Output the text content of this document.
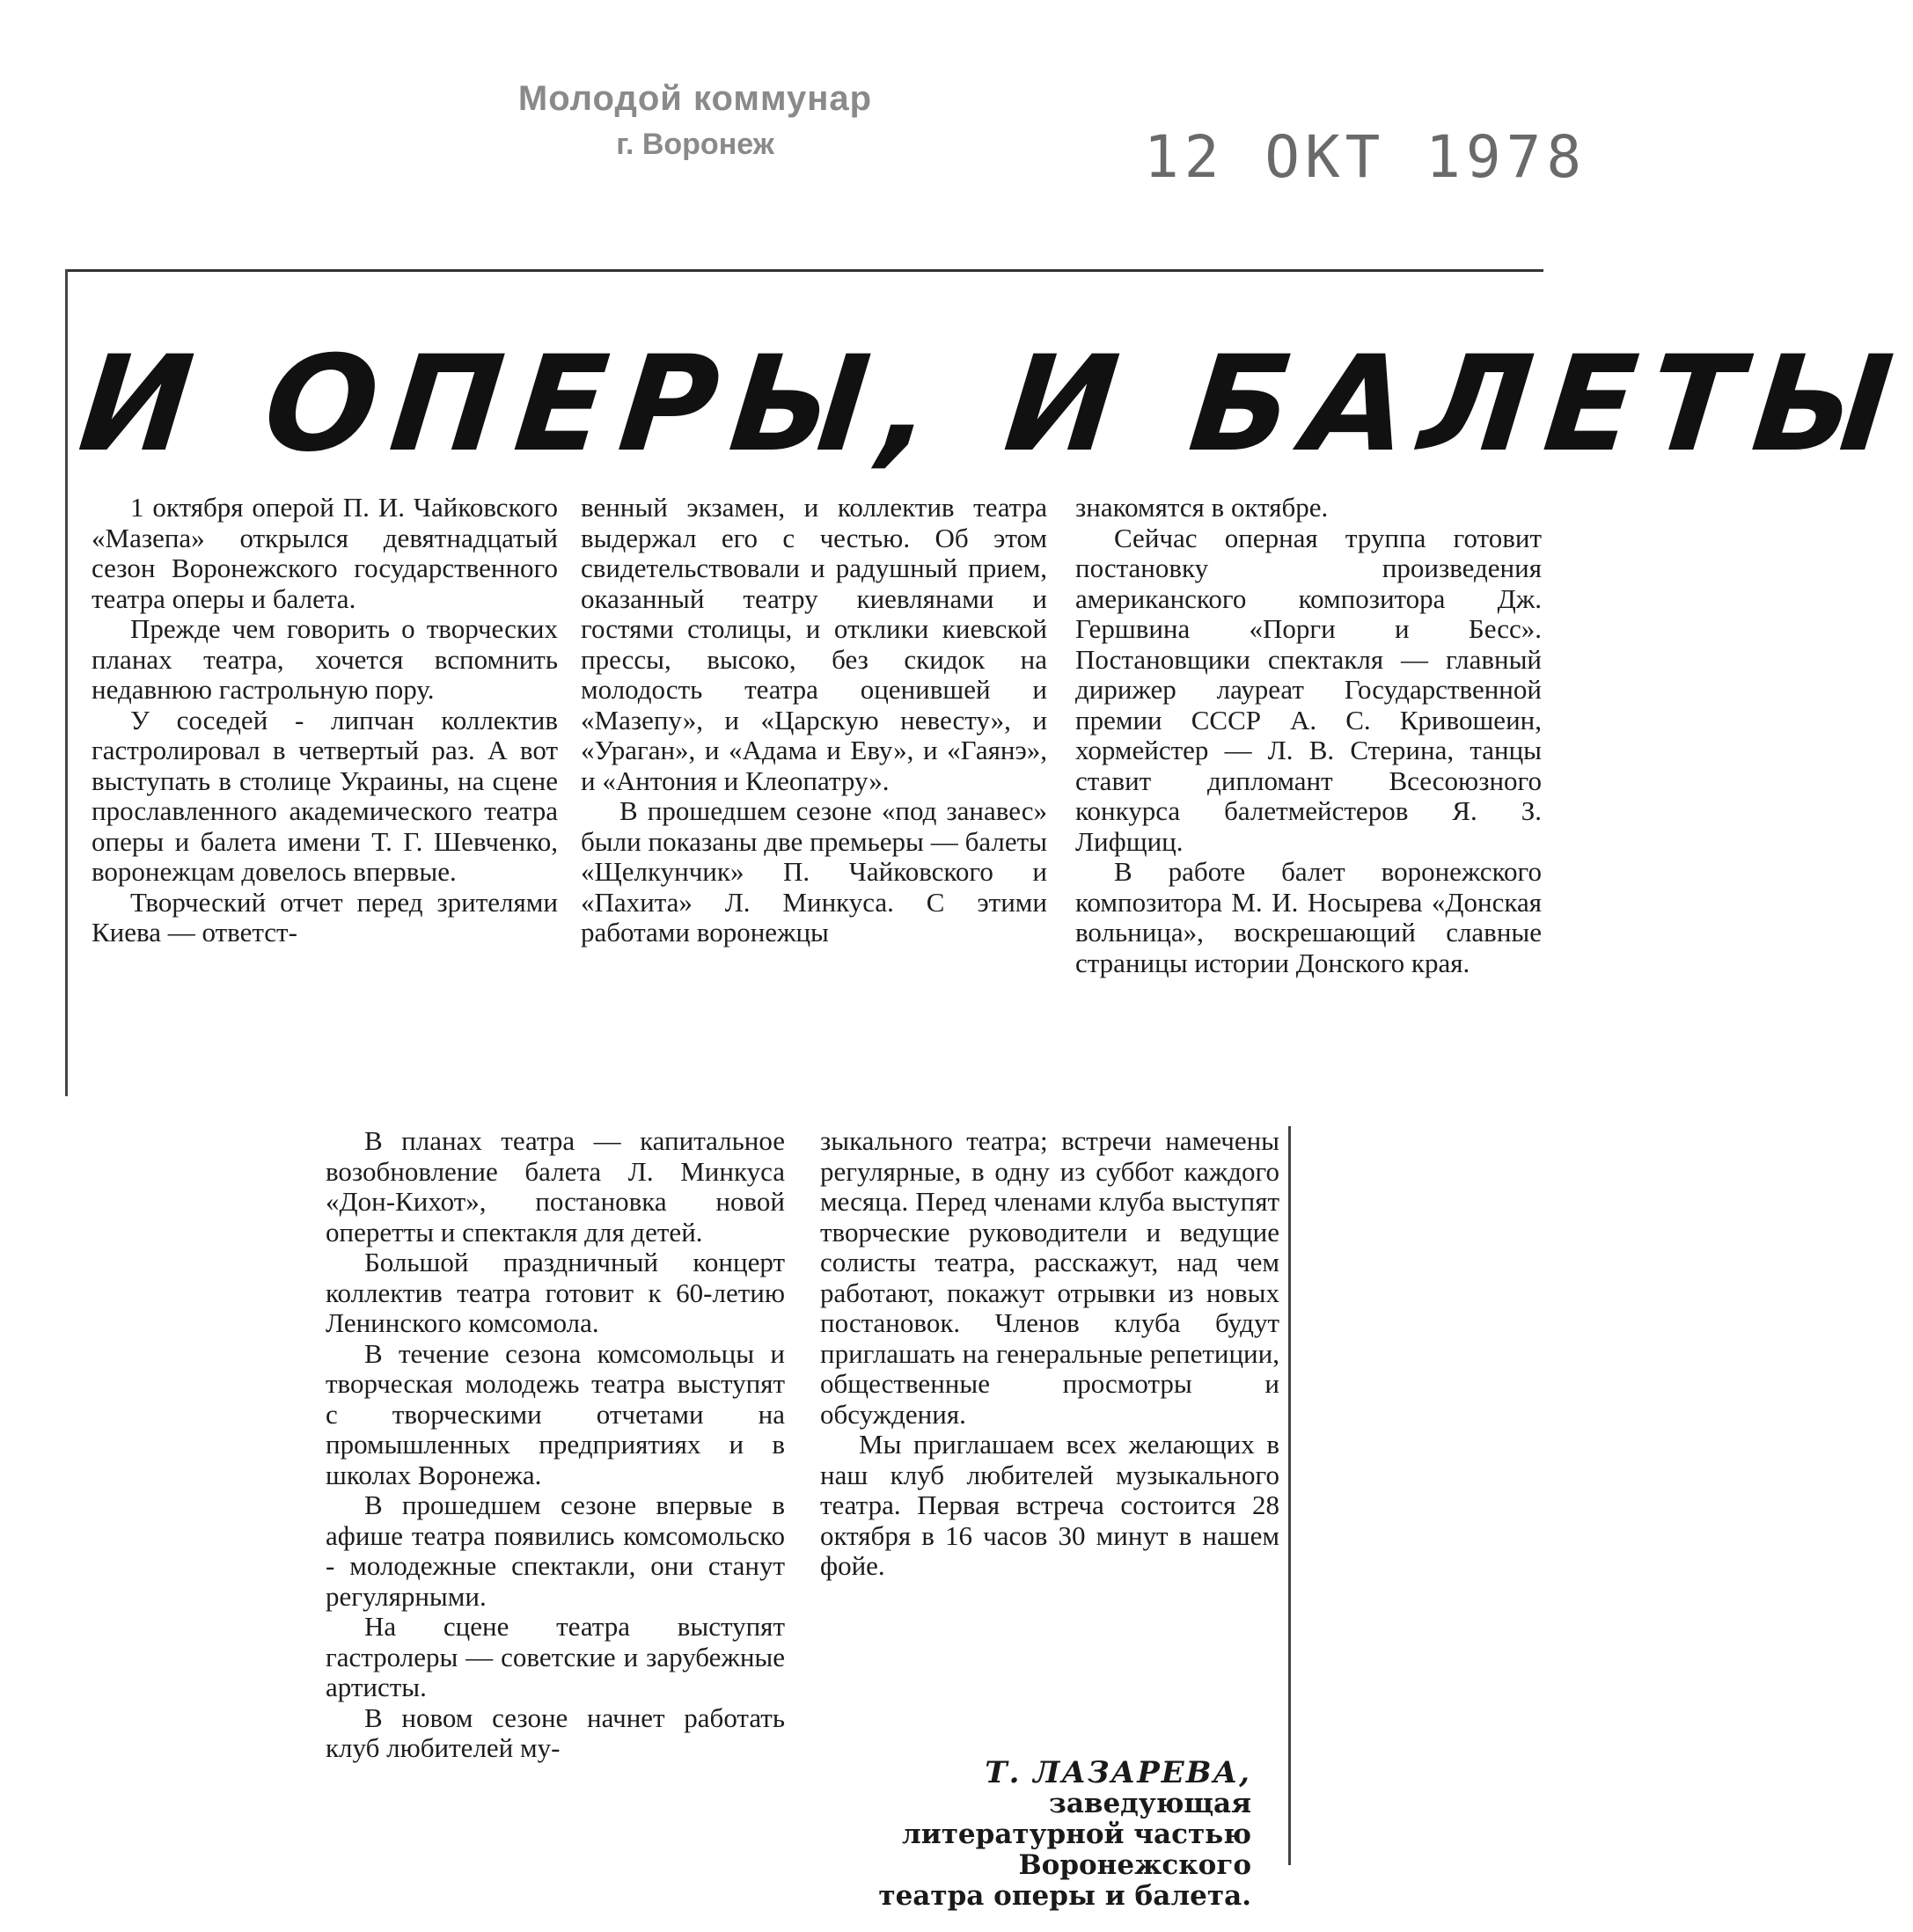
Молодой коммунар
г. Воронеж	12 ОКТ 1978
И ОПЕРЫ, И БАЛЕТЫ

1 октября оперой П. И. Чайковского «Мазепа» открылся девятнадцатый сезон Воронежского государственного театра оперы и балета.

Прежде чем говорить о творческих планах театра, хочется вспомнить недавнюю гастрольную пору.

У соседей - липчан коллектив гастролировал в четвертый раз. А вот выступать в столице Украины, на сцене прославленного академического театра оперы и балета имени Т. Г. Шевченко, воронежцам довелось впервые.

Творческий отчет перед зрителями Киева — ответст-

венный экзамен, и коллектив театра выдержал его с честью. Об этом свидетельствовали и радушный прием, оказанный театру киевлянами и гостями столицы, и отклики киевской прессы, высоко, без скидок на молодость театра оценившей и «Мазепу», и «Царскую невесту», и «Ураган», и «Адама и Еву», и «Гаянэ», и «Антония и Клеопатру».

В прошедшем сезоне «под занавес» были показаны две премьеры — балеты «Щелкунчик» П. Чайковского и «Пахита» Л. Минкуса. С этими работами воронежцы

знакомятся в октябре.

Сейчас оперная труппа готовит постановку произведения американского композитора Дж. Гершвина «Порги и Бесс». Постановщики спектакля — главный дирижер лауреат Государственной премии СССР А. С. Кривошеин, хормейстер — Л. В. Стерина, танцы ставит дипломант Всесоюзного конкурса балетмейстеров Я. З. Лифщиц.

В работе балет воронежского композитора М. И. Носырева «Донская вольница», воскрешающий славные страницы истории Донского края.

В планах театра — капитальное возобновление балета Л. Минкуса «Дон-Кихот», постановка новой оперетты и спектакля для детей.

Большой праздничный концерт коллектив театра готовит к 60-летию Ленинского комсомола.

В течение сезона комсомольцы и творческая молодежь театра выступят с творческими отчетами на промышленных предприятиях и в школах Воронежа.

В прошедшем сезоне впервые в афише театра появились комсомольско - молодежные спектакли, они станут регулярными.

На сцене театра выступят гастролеры — советские и зарубежные артисты.

В новом сезоне начнет работать клуб любителей му-

зыкального театра; встречи намечены регулярные, в одну из суббот каждого месяца. Перед членами клуба выступят творческие руководители и ведущие солисты театра, расскажут, над чем работают, покажут отрывки из новых постановок. Членов клуба будут приглашать на генеральные репетиции, общественные просмотры и обсуждения.

Мы приглашаем всех желающих в наш клуб любителей музыкального театра. Первая встреча состоится 28 октября в 16 часов 30 минут в нашем фойе.

Т. ЛАЗАРЕВА,
заведующая
литературной частью
Воронежского
театра оперы и балета.
